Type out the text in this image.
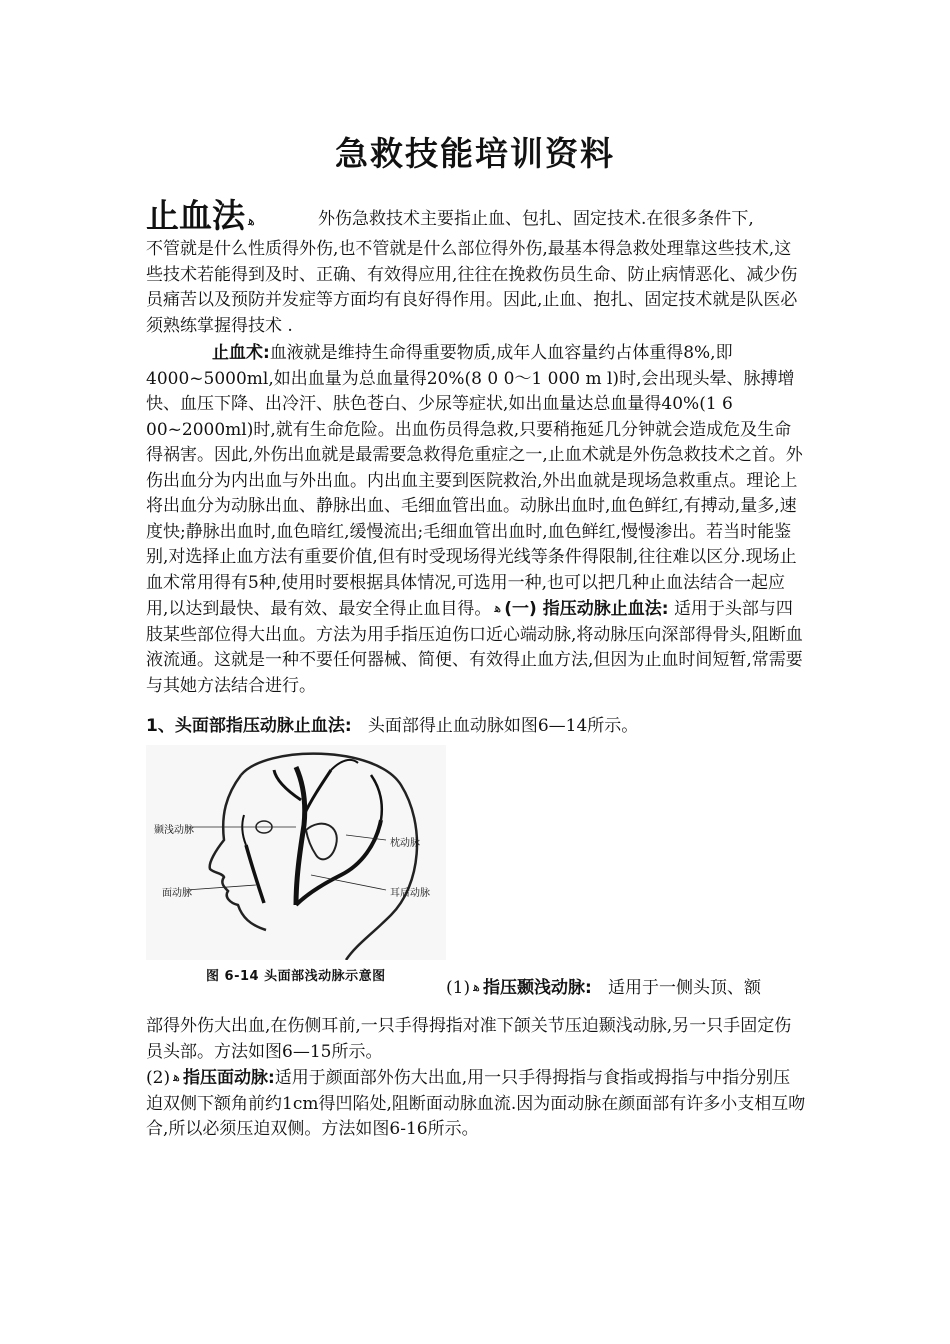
急救技能培训资料
止血法 ﻫ	外伤急救技术主要指止血、包扎、固定技术.在很多条件下,
不管就是什么性质得外伤,也不管就是什么部位得外伤,最基本得急救处理靠这些技术,这些技术若能得到及时、正确、有效得应用,往往在挽救伤员生命、防止病情恶化、减少伤员痛苦以及预防并发症等方面均有良好得作用。因此,止血、抱扎、固定技术就是队医必须熟练掌握得技术 .
止血术:血液就是维持生命得重要物质,成年人血容量约占体重得8%,即4000~5000ml,如出血量为总血量得20%(8 0 0～1 000 m l)时,会出现头晕、脉搏增快、血压下降、出冷汗、肤色苍白、少尿等症状,如出血量达总血量得40%(1 6 00~2000ml)时,就有生命危险。出血伤员得急救,只要稍拖延几分钟就会造成危及生命得祸害。因此,外伤出血就是最需要急救得危重症之一,止血术就是外伤急救技术之首。外伤出血分为内出血与外出血。内出血主要到医院救治,外出血就是现场急救重点。理论上将出血分为动脉出血、静脉出血、毛细血管出血。动脉出血时,血色鲜红,有搏动,量多,速度快;静脉出血时,血色暗红,缓慢流出;毛细血管出血时,血色鲜红,慢慢渗出。若当时能鉴别,对选择止血方法有重要价值,但有时受现场得光线等条件得限制,往往难以区分.现场止血术常用得有5种,使用时要根据具体情况,可选用一种,也可以把几种止血法结合一起应用,以达到最快、最有效、最安全得止血目得。 ﻫ (一) 指压动脉止血法: 适用于头部与四肢某些部位得大出血。方法为用手指压迫伤口近心端动脉,将动脉压向深部得骨头,阻断血液流通。这就是一种不要任何器械、简便、有效得止血方法,但因为止血时间短暂,常需要与其她方法结合进行。
1、头面部指压动脉止血法: 头面部得止血动脉如图6—14所示。
颞浅动脉
面动脉
枕动脉
耳后动脉
图 6-14 头面部浅动脉示意图
(1) ﻫ 指压颞浅动脉: 适用于一侧头顶、额
部得外伤大出血,在伤侧耳前,一只手得拇指对准下颌关节压迫颞浅动脉,另一只手固定伤员头部。方法如图6—15所示。
(2) ﻫ 指压面动脉:适用于颜面部外伤大出血,用一只手得拇指与食指或拇指与中指分别压迫双侧下额角前约1cm得凹陷处,阻断面动脉血流.因为面动脉在颜面部有许多小支相互吻合,所以必须压迫双侧。方法如图6-16所示。
